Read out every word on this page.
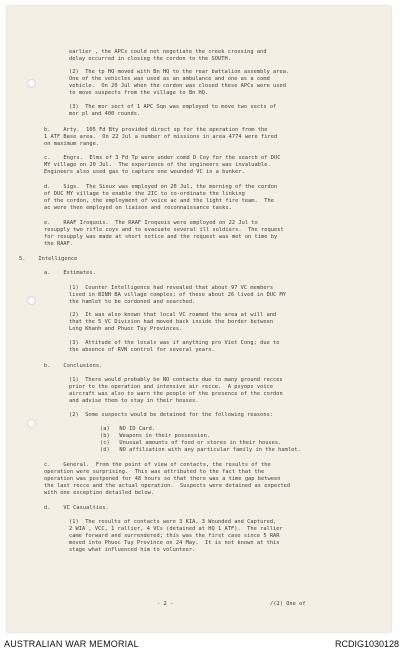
earlier , the APCs could not negotiate the creek crossing and
delay occurred in closing the cordon to the SOUTH.
(2)  The tp HQ moved with Bn HQ to the rear battalion assembly area.
One of the vehicles was used as an ambulance and one as a comd
vehicle.  On 20 Jul when the cordon was closed these APCs were used
to move suspects from the village to Bn HQ.
(3)  The mor sect of 1 APC Sqn was employed to move two sects of
mor pl and 400 rounds.
b.    Arty.  105 Fd Bty provided direct sp for the operation from the
1 ATF Base area.  On 22 Jul a number of missions in area 4774 were fired
on maximum range.
c.    Engrs.  Elms of 3 Fd Tp were under comd D Coy for the search of DUC
MY village on 20 Jul.  The experience of the engineers was invaluable.
Engineers also used gas to capture one wounded VC in a bunker.
d.    Sigs.  The Sioux was employed on 20 Jul, the morning of the cordon
of DUC MY village to enable the 2IC to co-ordinate the linking
of the cordon, the employment of voice ac and the light fire team.  The
ac were then employed on liaison and reconnaissance tasks.
e.    RAAF Iroquois.  The RAAF Iroquois were employed on 22 Jul to
resupply two rifle coys and to evacuate several ill soldiers.  The request
for resupply was made at short notice and the request was met on time by
the RAAF.
5.    Intelligence
a.    Estimates.
(1)  Counter Intelligence had revealed that about 97 VC members
lived in BINH BA village complex; of these about 26 lived in DUC MY
the hamlet to be cordoned and searched.
(2)  It was also known that local VC roamed the area at will and
that the 5 VC Division had moved back inside the border between
Long Khanh and Phuoc Tuy Provinces.
(3)  Attitude of the locals was if anything pro Viet Cong; due to
the absence of RVN control for several years.
b.    Conclusions.
(1)  There would probably be NO contacts due to many ground recces
prior to the operation and intensive air recce.  A psyops voice
aircraft was also to warn the people of the presence of the cordon
and advise them to stay in their houses.
(2)  Some suspects would be detained for the following reasons:
(a)   NO ID Card.
(b)   Weapons in their possession.
(c)   Unusual amounts of food or stores in their houses.
(d)   NO affiliation with any particular family in the hamlet.
c.    General.  From the point of view of contacts, the results of the
operation were surprising.  This was attributed to the fact that the
operation was postponed for 48 hours so that there was a time gap between
the last recce and the actual operation.  Suspects were detained as expected
with one exception detailed below.
d.    VC Casualties.
(1)  The results of contacts were 3 KIA, 3 Wounded and Captured,
2 WIA , VCC, 1 rallier, 4 VCs (detained at HQ 1 ATF).  The rallier
came forward and surrendered; this was the first case since 5 RAR
moved into Phuoc Tuy Province on 24 May.  It is not known at this
stage what influenced him to volunteer.
- 2 -	/(2) One of
AUSTRALIAN WAR MEMORIAL	RCDIG1030128
